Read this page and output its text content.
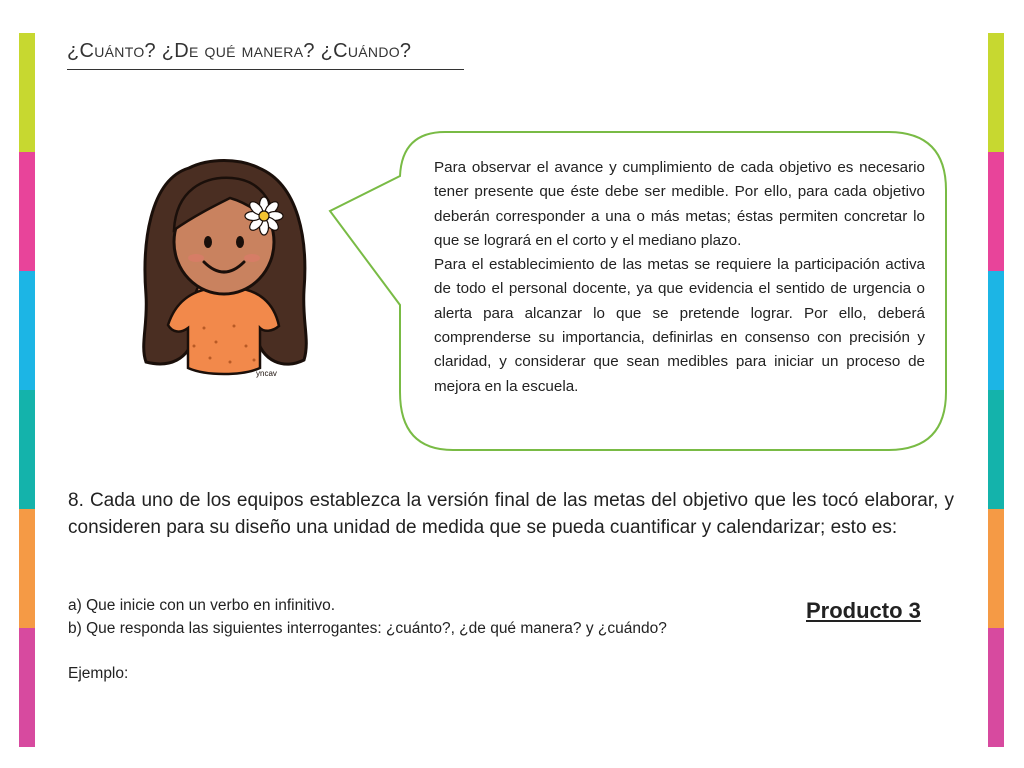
¿Cuánto? ¿De qué manera? ¿Cuándo?
yncav

Para observar el avance y cumplimiento de cada objetivo es necesario tener presente que éste debe ser medible. Por ello, para cada objetivo deberán corresponder a una o más metas; éstas permiten concretar lo que se logrará en el corto y el mediano plazo.

Para el establecimiento de las metas se requiere la participación activa de todo el personal docente, ya que evidencia el sentido de urgencia o alerta para alcanzar lo que se pretende lograr. Por ello, deberá comprenderse su importancia, definirlas en consenso con precisión y claridad, y considerar que sean medibles para iniciar un proceso de mejora en la escuela.

8. Cada uno de los equipos establezca la versión final de las metas del objetivo que les tocó elaborar, y consideren para su diseño una unidad de medida que se pueda cuantificar y calendarizar; esto es:

a) Que inicie con un verbo en infinitivo.
b) Que responda las siguientes interrogantes: ¿cuánto?, ¿de qué manera? y ¿cuándo?
Ejemplo:
Producto 3
